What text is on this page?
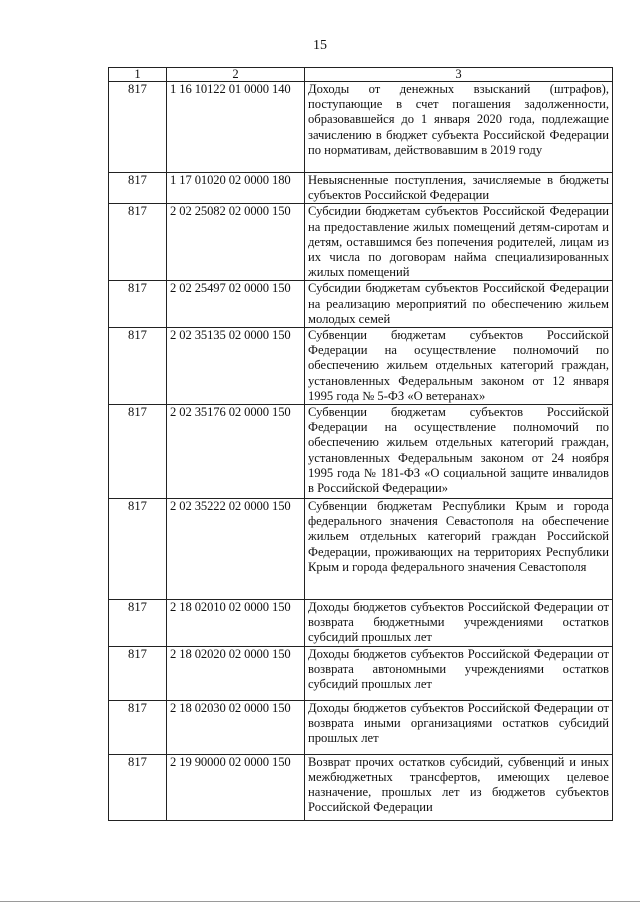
15
1	2	3
817	1 16 10122 01 0000 140	Доходы от денежных взысканий (штрафов), поступающие в счет погашения задолженности, образовавшейся до 1 января 2020 года, подлежащие зачислению в бюджет субъекта Российской Федерации по нормативам, действовавшим в 2019 году
817	1 17 01020 02 0000 180	Невыясненные поступления, зачисляемые в бюджеты субъектов Российской Федерации
817	2 02 25082 02 0000 150	Субсидии бюджетам субъектов Российской Федерации на предоставление жилых помещений детям-сиротам и детям, оставшимся без попечения родителей, лицам из их числа по договорам найма специализированных жилых помещений
817	2 02 25497 02 0000 150	Субсидии бюджетам субъектов Российской Федерации на реализацию мероприятий по обеспечению жильем молодых семей
817	2 02 35135 02 0000 150	Субвенции бюджетам субъектов Российской Федерации на осуществление полномочий по обеспечению жильем отдельных категорий граждан, установленных Федеральным законом от 12 января 1995 года № 5-ФЗ «О ветеранах»
817	2 02 35176 02 0000 150	Субвенции бюджетам субъектов Российской Федерации на осуществление полномочий по обеспечению жильем отдельных категорий граждан, установленных Федеральным законом от 24 ноября 1995 года № 181-ФЗ «О социальной защите инвалидов в Российской Федерации»
817	2 02 35222 02 0000 150	Субвенции бюджетам Республики Крым и города федерального значения Севастополя на обеспечение жильем отдельных категорий граждан Российской Федерации, проживающих на территориях Республики Крым и города федерального значения Севастополя
817	2 18 02010 02 0000 150	Доходы бюджетов субъектов Российской Федерации от возврата бюджетными учреждениями остатков субсидий прошлых лет
817	2 18 02020 02 0000 150	Доходы бюджетов субъектов Российской Федерации от возврата автономными учреждениями остатков субсидий прошлых лет
817	2 18 02030 02 0000 150	Доходы бюджетов субъектов Российской Федерации от возврата иными организациями остатков субсидий прошлых лет
817	2 19 90000 02 0000 150	Возврат прочих остатков субсидий, субвенций и иных межбюджетных трансфертов, имеющих целевое назначение, прошлых лет из бюджетов субъектов Российской Федерации
